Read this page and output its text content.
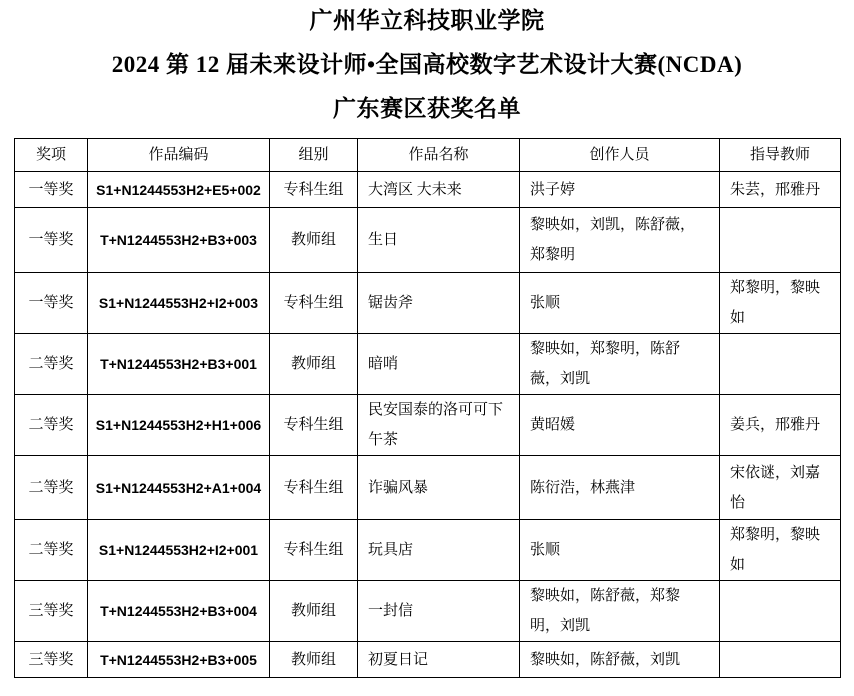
广州华立科技职业学院
2024 第 12 届未来设计师•全国高校数字艺术设计大赛(NCDA)
广东赛区获奖名单
奖项	作品编码	组别	作品名称	创作人员	指导教师
一等奖	S1+N1244553H2+E5+002	专科生组	大湾区 大未来	洪子婷	朱芸，邢雅丹
一等奖	T+N1244553H2+B3+003	教师组	生日	黎映如，刘凯，陈舒薇，郑黎明	
一等奖	S1+N1244553H2+I2+003	专科生组	锯齿斧	张顺	郑黎明，黎映如
二等奖	T+N1244553H2+B3+001	教师组	暗哨	黎映如，郑黎明，陈舒薇，刘凯	
二等奖	S1+N1244553H2+H1+006	专科生组	民安国泰的洛可可下午茶	黄昭媛	姜兵，邢雅丹
二等奖	S1+N1244553H2+A1+004	专科生组	诈骗风暴	陈衍浩，林燕津	宋依谜，刘嘉怡
二等奖	S1+N1244553H2+I2+001	专科生组	玩具店	张顺	郑黎明，黎映如
三等奖	T+N1244553H2+B3+004	教师组	一封信	黎映如，陈舒薇，郑黎明，刘凯	
三等奖	T+N1244553H2+B3+005	教师组	初夏日记	黎映如，陈舒薇，刘凯	
